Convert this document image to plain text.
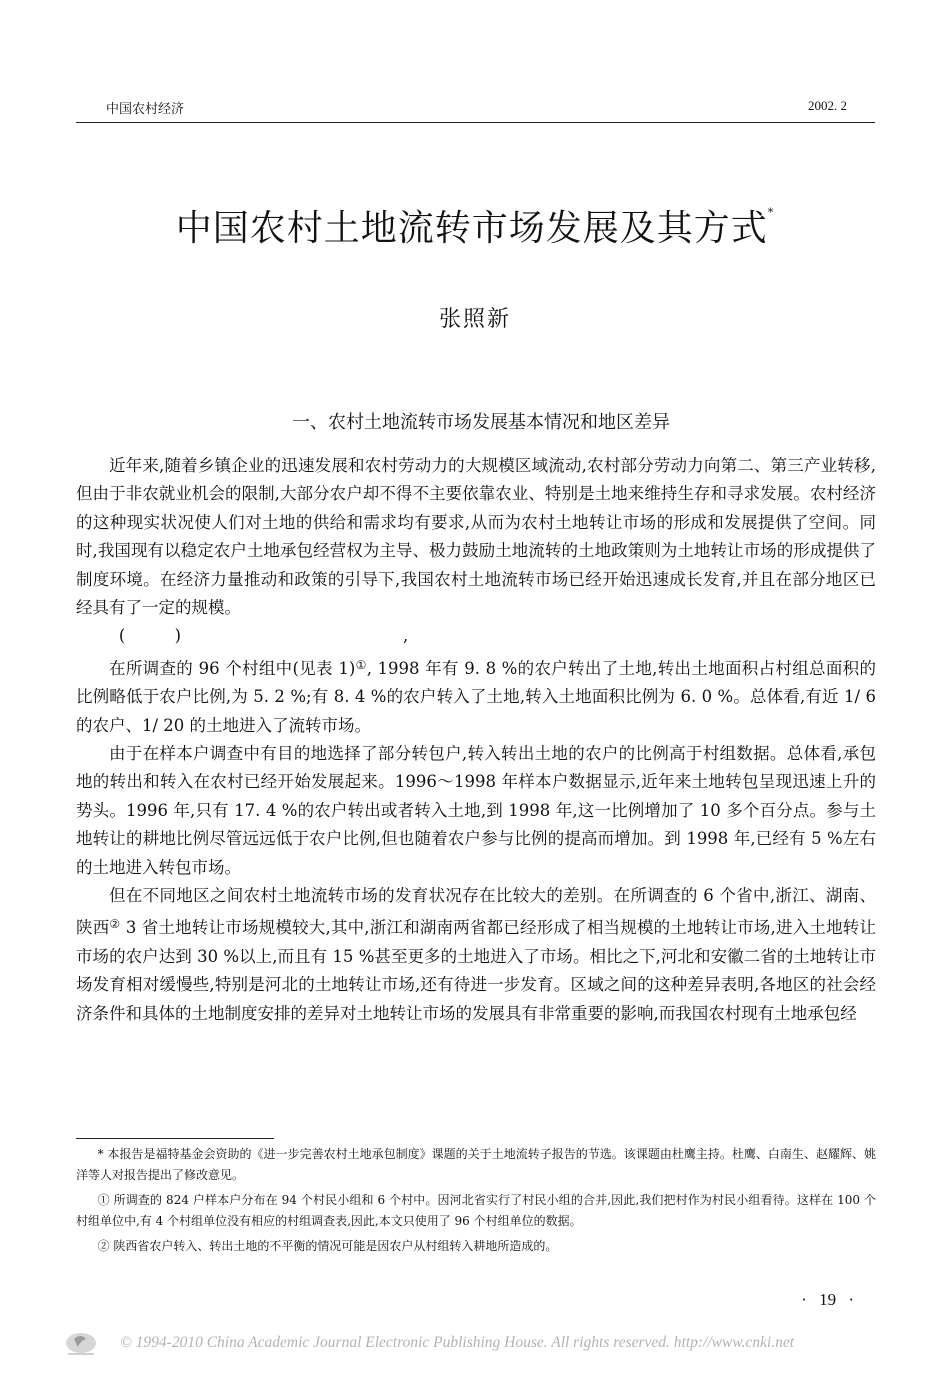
中国农村经济	2002. 2
中国农村土地流转市场发展及其方式*
张照新
一、农村土地流转市场发展基本情况和地区差异

近年来,随着乡镇企业的迅速发展和农村劳动力的大规模区域流动,农村部分劳动力向第二、第三产业转移,但由于非农就业机会的限制,大部分农户却不得不主要依靠农业、特别是土地来维持生存和寻求发展。农村经济的这种现实状况使人们对土地的供给和需求均有要求,从而为农村土地转让市场的形成和发展提供了空间。同时,我国现有以稳定农户土地承包经营权为主导、极力鼓励土地流转的土地政策则为土地转让市场的形成提供了制度环境。在经济力量推动和政策的引导下,我国农村土地流转市场已经开始迅速成长发育,并且在部分地区已经具有了一定的规模。

( )	,

在所调查的 96 个村组中(见表 1)①, 1998 年有 9. 8 %的农户转出了土地,转出土地面积占村组总面积的比例略低于农户比例,为 5. 2 %;有 8. 4 %的农户转入了土地,转入土地面积比例为 6. 0 %。总体看,有近 1/ 6 的农户、1/ 20 的土地进入了流转市场。

由于在样本户调查中有目的地选择了部分转包户,转入转出土地的农户的比例高于村组数据。总体看,承包地的转出和转入在农村已经开始发展起来。1996～1998 年样本户数据显示,近年来土地转包呈现迅速上升的势头。1996 年,只有 17. 4 %的农户转出或者转入土地,到 1998 年,这一比例增加了 10 多个百分点。参与土地转让的耕地比例尽管远远低于农户比例,但也随着农户参与比例的提高而增加。到 1998 年,已经有 5 %左右的土地进入转包市场。

但在不同地区之间农村土地流转市场的发育状况存在比较大的差别。在所调查的 6 个省中,浙江、湖南、陕西② 3 省土地转让市场规模较大,其中,浙江和湖南两省都已经形成了相当规模的土地转让市场,进入土地转让市场的农户达到 30 %以上,而且有 15 %甚至更多的土地进入了市场。相比之下,河北和安徽二省的土地转让市场发育相对缓慢些,特别是河北的土地转让市场,还有待进一步发育。区域之间的这种差异表明,各地区的社会经济条件和具体的土地制度安排的差异对土地转让市场的发展具有非常重要的影响,而我国农村现有土地承包经

* 本报告是福特基金会资助的《进一步完善农村土地承包制度》课题的关于土地流转子报告的节选。该课题由杜鹰主持。杜鹰、白南生、赵耀辉、姚洋等人对报告提出了修改意见。

① 所调查的 824 户样本户分布在 94 个村民小组和 6 个村中。因河北省实行了村民小组的合并,因此,我们把村作为村民小组看待。这样在 100 个村组单位中,有 4 个村组单位没有相应的村组调查表,因此,本文只使用了 96 个村组单位的数据。

② 陕西省农户转入、转出土地的不平衡的情况可能是因农户从村组转入耕地所造成的。

· 19 ·
© 1994-2010 China Academic Journal Electronic Publishing House. All rights reserved. http://www.cnki.net
